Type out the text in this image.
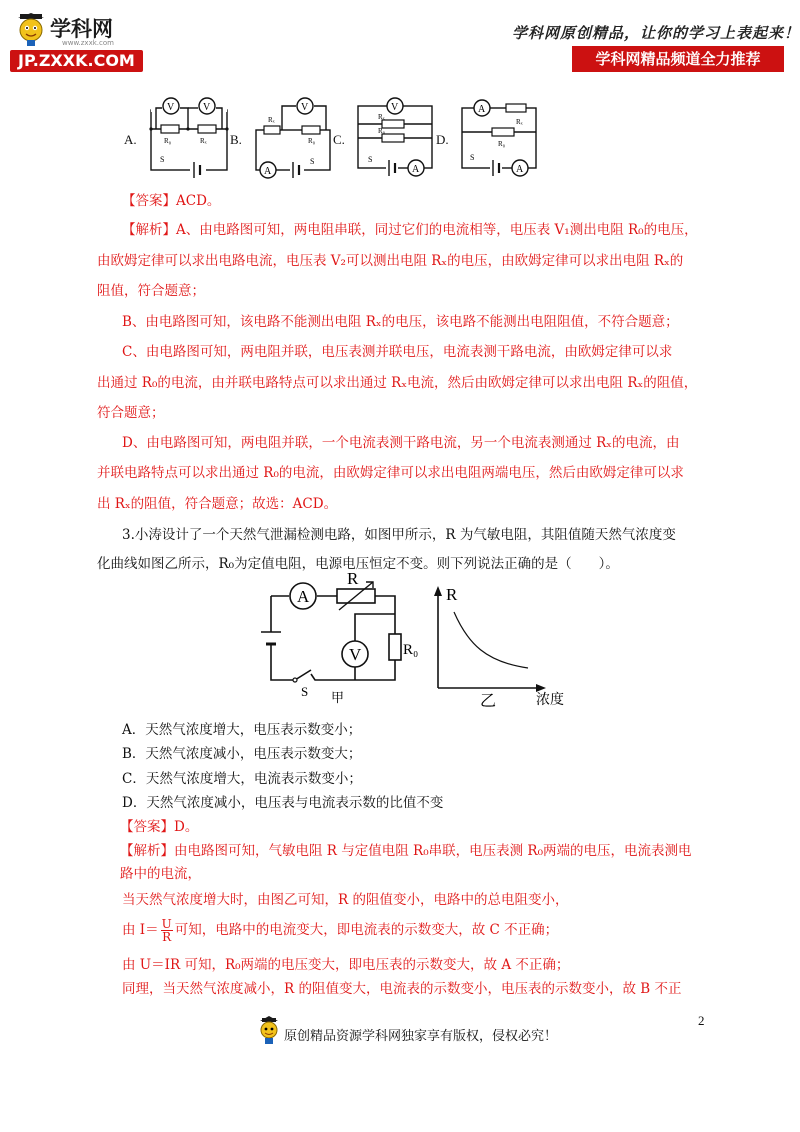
学科网
www.zxxk.com
JP.ZXXK.COM
学科网原创精品，让你的学习上表起来！
学科网精品频道全力推荐
A.	B.	C.	D.
V	V
R₀	Rₓ
S
V
Rₓ
R₀
A
S
V
Rₓ
R₀
S
A
A
Rₓ
R₀
S
A
【答案】ACD。
【解析】A、由电路图可知，两电阻串联，同过它们的电流相等，电压表 V₁测出电阻 R₀的电压，
由欧姆定律可以求出电路电流，电压表 V₂可以测出电阻 Rₓ的电压，由欧姆定律可以求出电阻 Rₓ的
阻值，符合题意；
B、由电路图可知，该电路不能测出电阻 Rₓ的电压，该电路不能测出电阻阻值，不符合题意；
C、由电路图可知，两电阻并联，电压表测并联电压，电流表测干路电流，由欧姆定律可以求
出通过 R₀的电流，由并联电路特点可以求出通过 Rₓ电流，然后由欧姆定律可以求出电阻 Rₓ的阻值，
符合题意；
D、由电路图可知，两电阻并联，一个电流表测干路电流，另一个电流表测通过 Rₓ的电流，由
并联电路特点可以求出通过 R₀的电流，由欧姆定律可以求出电阻两端电压，然后由欧姆定律可以求
出 Rₓ的阻值，符合题意；故选：ACD。
3.小涛设计了一个天然气泄漏检测电路，如图甲所示，R 为气敏电阻，其阻值随天然气浓度变
化曲线如图乙所示，R₀为定值电阻，电源电压恒定不变。则下列说法正确的是（　　）。
A
R
V	R₀
S 甲
R
浓度
乙
A．天然气浓度增大，电压表示数变小；
B．天然气浓度减小，电压表示数变大；
C．天然气浓度增大，电流表示数变小；
D．天然气浓度减小，电压表与电流表示数的比值不变
【答案】D。
【解析】由电路图可知，气敏电阻 R 与定值电阻 R₀串联，电压表测 R₀两端的电压，电流表测电
路中的电流，
当天然气浓度增大时，由图乙可知，R 的阻值变小，电路中的总电阻变小，
由 $I= \frac{U}{R}$ 可知，电路中的电流变大，即电流表的示数变大，故 C 不正确；
由 U＝IR 可知，R₀两端的电压变大，即电压表的示数变大，故 A 不正确；
同理，当天然气浓度减小，R 的阻值变大，电流表的示数变小，电压表的示数变小，故 B 不正
2
原创精品资源学科网独家享有版权，侵权必究！
